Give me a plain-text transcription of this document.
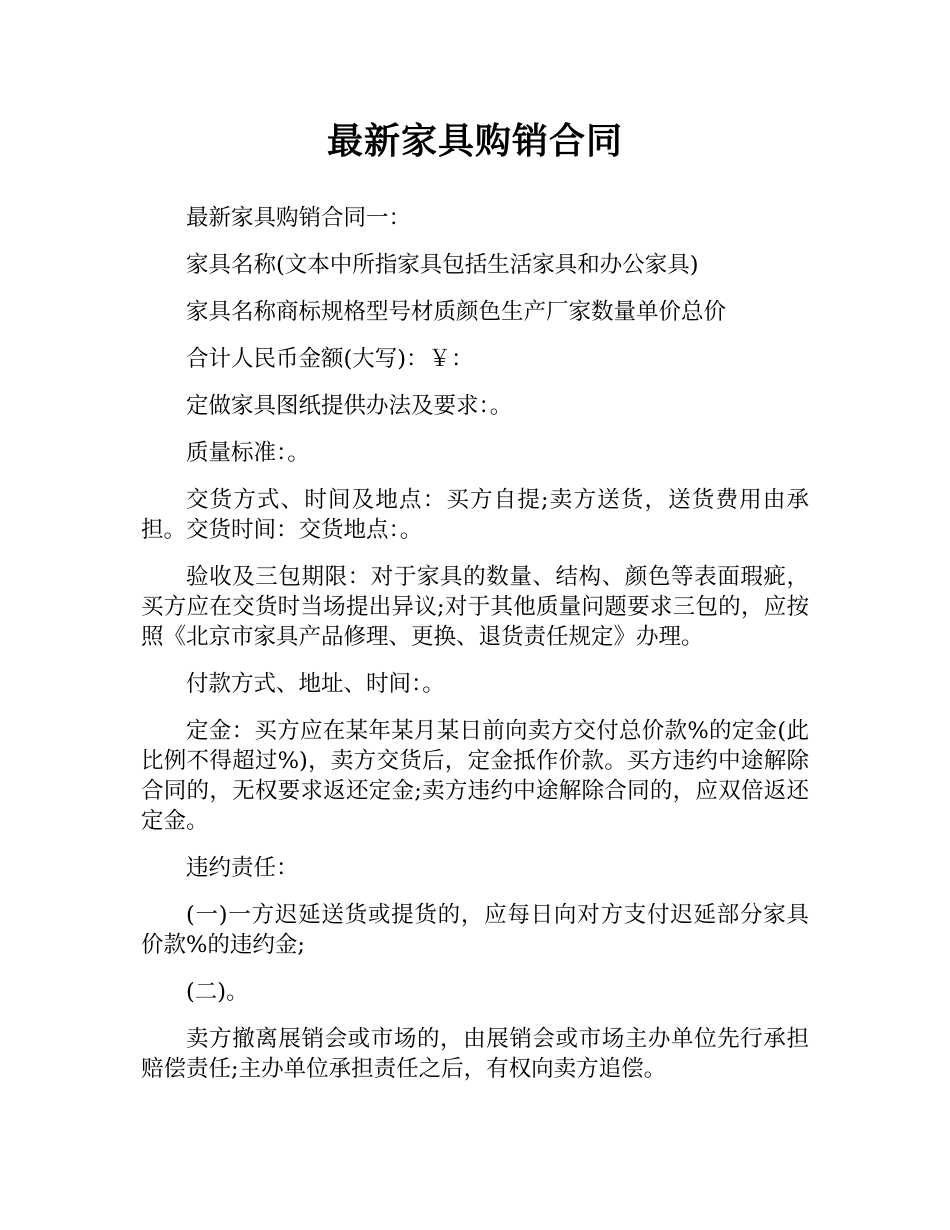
最新家具购销合同

最新家具购销合同一：

家具名称(文本中所指家具包括生活家具和办公家具)

家具名称商标规格型号材质颜色生产厂家数量单价总价

合计人民币金额(大写)：￥：

定做家具图纸提供办法及要求：。

质量标准：。

交货方式、时间及地点：买方自提;卖方送货，送货费用由承担。交货时间：交货地点：。

验收及三包期限：对于家具的数量、结构、颜色等表面瑕疵，买方应在交货时当场提出异议;对于其他质量问题要求三包的，应按照《北京市家具产品修理、更换、退货责任规定》办理。

付款方式、地址、时间：。

定金：买方应在某年某月某日前向卖方交付总价款%的定金(此比例不得超过%)，卖方交货后，定金抵作价款。买方违约中途解除合同的，无权要求返还定金;卖方违约中途解除合同的，应双倍返还定金。

违约责任：

(一)一方迟延送货或提货的，应每日向对方支付迟延部分家具价款%的违约金;

(二)。

卖方撤离展销会或市场的，由展销会或市场主办单位先行承担赔偿责任;主办单位承担责任之后，有权向卖方追偿。
